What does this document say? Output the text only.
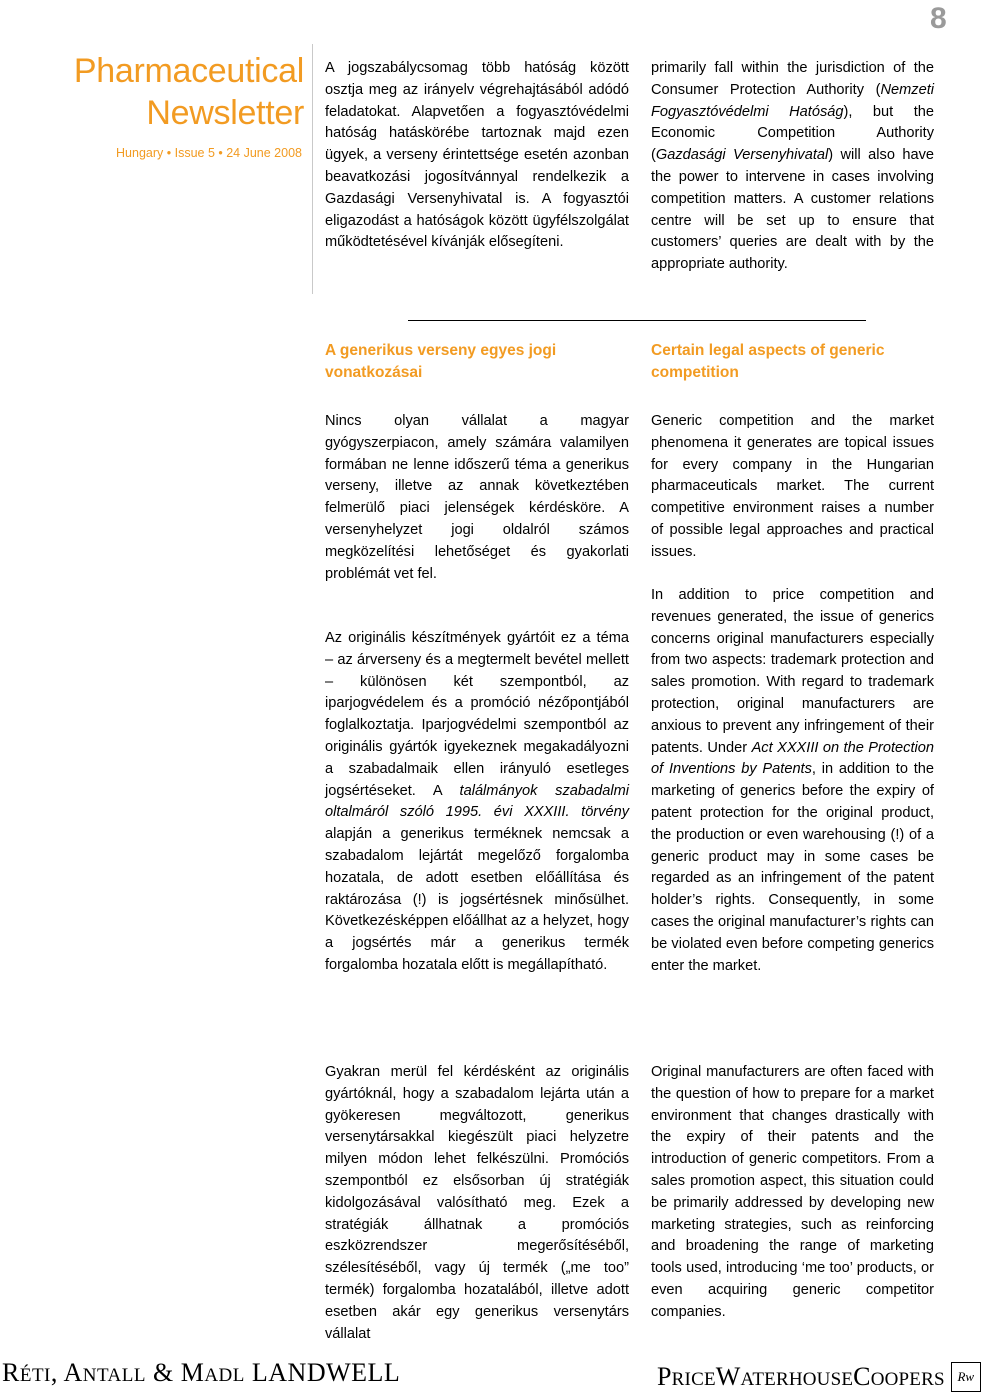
8
Pharmaceutical
Newsletter
Hungary • Issue 5 • 24 June 2008

A jogszabálycsomag több hatóság között osztja meg az irányelv végrehajtásából adódó feladatokat. Alapvetően a fogyasztóvédelmi hatóság hatáskörébe tartoznak majd ezen ügyek, a verseny érintettsége esetén azonban beavatkozási jogosítvánnyal rendelkezik a Gazdasági Versenyhivatal is. A fogyasztói eligazodást a hatóságok között ügyfélszolgálat működtetésével kívánják elősegíteni.

primarily fall within the jurisdiction of the Consumer Protection Authority (Nemzeti Fogyasztóvédelmi Hatóság), but the Economic Competition Authority (Gazdasági Versenyhivatal) will also have the power to intervene in cases involving competition matters. A customer relations centre will be set up to ensure that customers’ queries are dealt with by the appropriate authority.

A generikus verseny egyes jogi vonatkozásai
Certain legal aspects of generic competition

Nincs olyan vállalat a magyar gyógyszerpiacon, amely számára valamilyen formában ne lenne időszerű téma a generikus verseny, illetve az annak következtében felmerülő piaci jelenségek kérdésköre. A versenyhelyzet jogi oldalról számos megközelítési lehetőséget és gyakorlati problémát vet fel.

Generic competition and the market phenomena it generates are topical issues for every company in the Hungarian pharmaceuticals market. The current competitive environment raises a number of possible legal approaches and practical issues.

Az originális készítmények gyártóit ez a téma – az árverseny és a megtermelt bevétel mellett – különösen két szempontból, az iparjogvédelem és a promóció nézőpontjából foglalkoztatja. Iparjogvédelmi szempontból az originális gyártók igyekeznek megakadályozni a szabadalmaik ellen irányuló esetleges jogsértéseket. A találmányok szabadalmi oltalmáról szóló 1995. évi XXXIII. törvény alapján a generikus terméknek nemcsak a szabadalom lejártát megelőző forgalomba hozatala, de adott esetben előállítása és raktározása (!) is jogsértésnek minősülhet. Következésképpen előállhat az a helyzet, hogy a jogsértés már a generikus termék forgalomba hozatala előtt is megállapítható.

In addition to price competition and revenues generated, the issue of generics concerns original manufacturers especially from two aspects: trademark protection and sales promotion. With regard to trademark protection, original manufacturers are anxious to prevent any infringement of their patents. Under Act XXXIII on the Protection of Inventions by Patents, in addition to the marketing of generics before the expiry of patent protection for the original product, the production or even warehousing (!) of a generic product may in some cases be regarded as an infringement of the patent holder’s rights. Consequently, in some cases the original manufacturer’s rights can be violated even before competing generics enter the market.

Gyakran merül fel kérdésként az originális gyártóknál, hogy a szabadalom lejárta után a gyökeresen megváltozott, generikus versenytársakkal kiegészült piaci helyzetre milyen módon lehet felkészülni. Promóciós szempontból ez elsősorban új stratégiák kidolgozásával valósítható meg. Ezek a stratégiák állhatnak a promóciós eszközrendszer megerősítéséből, szélesítéséből, vagy új termék („me too” termék) forgalomba hozatalából, illetve adott esetben akár egy generikus versenytárs vállalat

Original manufacturers are often faced with the question of how to prepare for a market environment that changes drastically with the expiry of their patents and the introduction of generic competitors. From a sales promotion aspect, this situation could be primarily addressed by developing new marketing strategies, such as reinforcing and broadening the range of marketing tools used, introducing ‘me too’ products, or even acquiring generic competitor companies.

RÉTI, ANTALL & MADL LANDWELL	PRICEWATERHOUSECOOPERS Rw
